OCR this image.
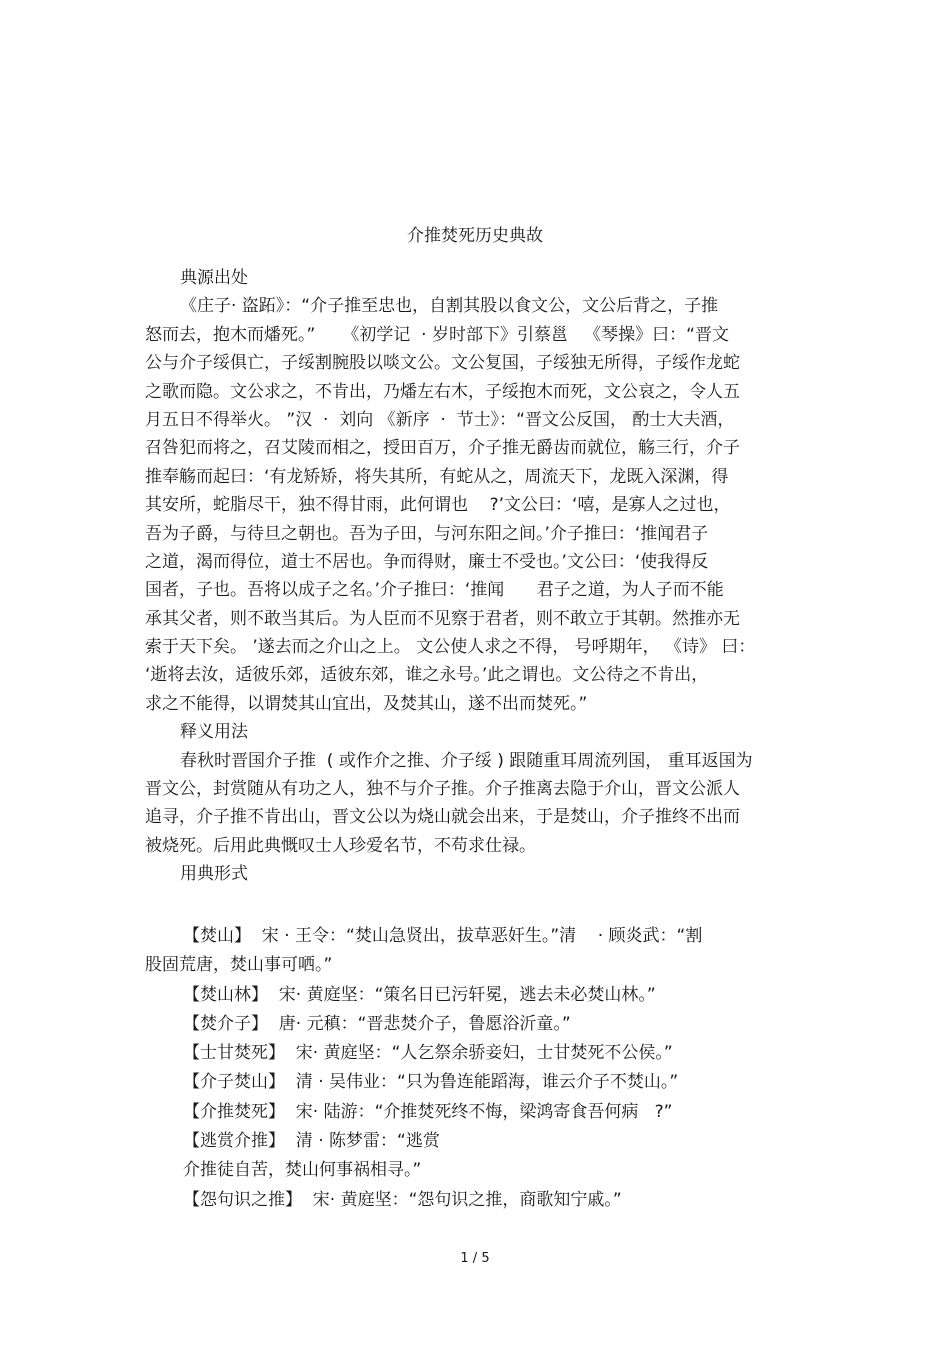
介推焚死历史典故
典源出处
《庄子· 盗跖》：“介子推至忠也，自割其股以食文公，文公后背之，子推
怒而去，抱木而燔死。”     《初学记  · 岁时部下》引蔡邕   《琴操》曰：“晋文
公与介子绥俱亡，子绥割腕股以啖文公。文公复国，子绥独无所得，子绥作龙蛇
之歌而隐。文公求之，不肯出，乃燔左右木，子绥抱木而死，文公哀之，令人五
月五日不得举火。 ”汉  ·  刘向 《新序  ·  节士》：“晋文公反国， 酌士大夫酒，
召咎犯而将之，召艾陵而相之，授田百万，介子推无爵齿而就位，觞三行，介子
推奉觞而起曰：‘有龙矫矫，将失其所，有蛇从之，周流天下，龙既入深渊，得
其安所，蛇脂尽干，独不得甘雨，此何谓也    ?’文公曰：‘嘻，是寡人之过也，
吾为子爵，与待旦之朝也。吾为子田，与河东阳之间。’介子推曰：‘推闻君子
之道，渴而得位，道士不居也。争而得财，廉士不受也。’文公曰：‘使我得反
国者，子也。吾将以成子之名。’介子推曰：‘推闻      君子之道，为人子而不能
承其父者，则不敢当其后。为人臣而不见察于君者，则不敢立于其朝。然推亦无
索于天下矣。 ’遂去而之介山之上。 文公使人求之不得， 号呼期年， 《诗》 曰：
‘逝将去汝，适彼乐郊，适彼东郊，谁之永号。’此之谓也。文公待之不肯出，
求之不能得，以谓焚其山宜出，及焚其山，遂不出而焚死。”
释义用法
春秋时晋国介子推  ( 或作介之推、介子绥 ) 跟随重耳周流列国， 重耳返国为
晋文公，封赏随从有功之人，独不与介子推。介子推离去隐于介山，晋文公派人
追寻，介子推不肯出山，晋文公以为烧山就会出来，于是焚山，介子推终不出而
被烧死。后用此典慨叹士人珍爱名节，不苟求仕禄。
用典形式
【焚山】  宋 · 王令：“焚山急贤出，拔草恶奸生。”清    · 顾炎武：“割
股固荒唐，焚山事可哂。”
【焚山林】  宋· 黄庭坚：“策名日已污轩冕，逃去未必焚山林。”
【焚介子】  唐· 元稹：“晋悲焚介子，鲁愿浴沂童。”
【士甘焚死】  宋· 黄庭坚：“人乞祭余骄妾妇，士甘焚死不公侯。”
【介子焚山】  清 · 吴伟业：“只为鲁连能蹈海，谁云介子不焚山。”
【介推焚死】  宋· 陆游：“介推焚死终不悔，梁鸿寄食吾何病   ?”
【逃赏介推】  清 · 陈梦雷：“逃赏
介推徒自苦，焚山何事祸相寻。”
【怨句识之推】  宋· 黄庭坚：“怨句识之推，商歌知宁戚。”
1 / 5
